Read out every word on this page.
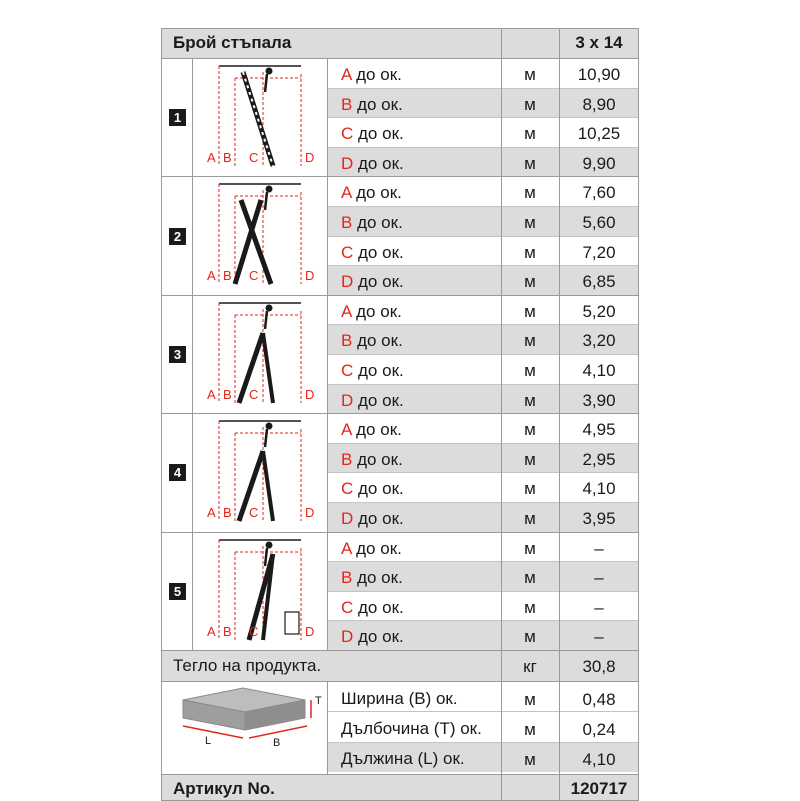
Брой стъпала	3 x 14
A до ок.	м	10,90
B до ок.	м	8,90
C до ок.	м	10,25
D до ок.	м	9,90
1
A B C	D
A до ок.	м	7,60
B до ок.	м	5,60
C до ок.	м	7,20
D до ок.	м	6,85
2
A B C	D
A до ок.	м	5,20
B до ок.	м	3,20
C до ок.	м	4,10
D до ок.	м	3,90
3
A B C	D
A до ок.	м	4,95
B до ок.	м	2,95
C до ок.	м	4,10
D до ок.	м	3,95
4
A B C	D
A до ок.	м	–
B до ок.	м	–
C до ок.	м	–
D до ок.	м	–
5
A B C	D
Тегло на продукта.	кг	30,8
Ширина (B) ок.	м	0,48
Дълбочина (T) ок.	м	0,24
Дължина (L) ок.	м	4,10
T
L	B
Артикул No.	120717
